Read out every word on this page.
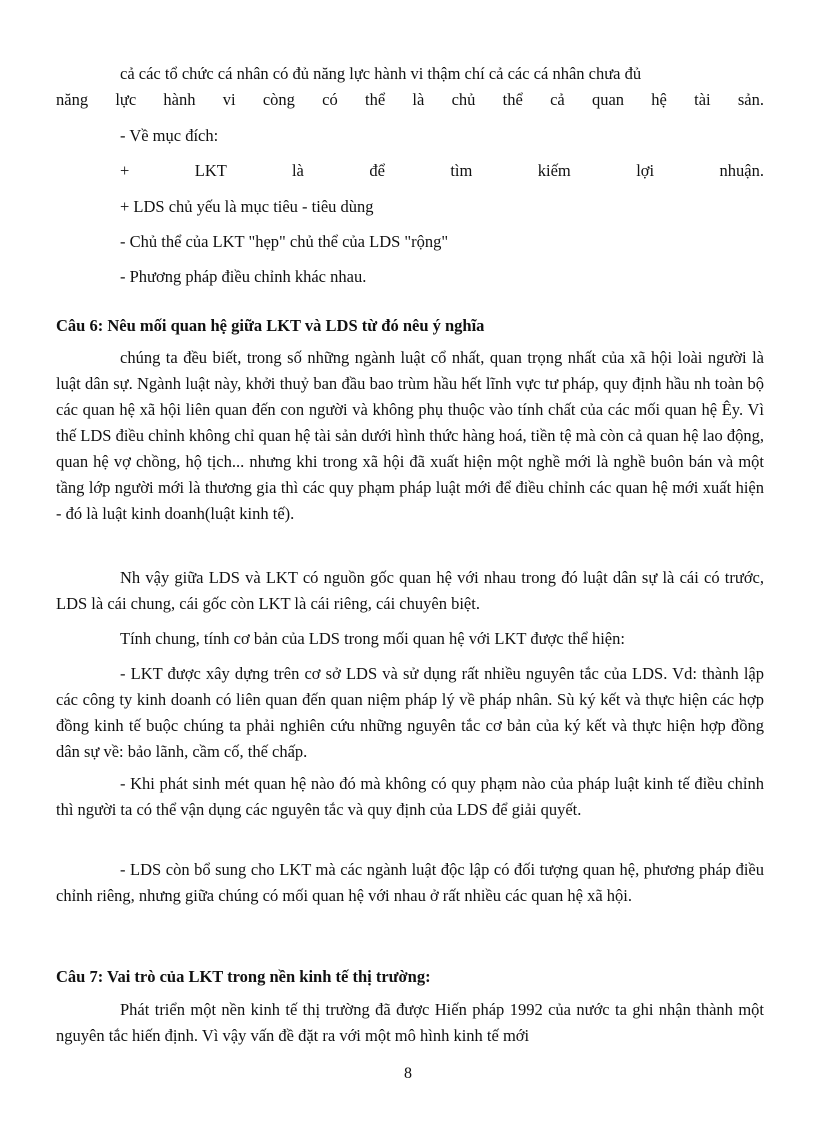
cả các tổ chức cá nhân có đủ năng lực hành vi thậm chí cả các cá nhân chưa đủ

năng lực hành vi còng có thể là chủ thể cả quan hệ tài sản.

- Về mục đích:

+ LKT là để tìm kiếm lợi nhuận.

+ LDS chủ yếu là mục tiêu - tiêu dùng

- Chủ thể của LKT "hẹp" chủ thể của LDS "rộng"

- Phương pháp điều chỉnh khác nhau.

Câu 6: Nêu mối quan hệ giữa LKT và LDS từ đó nêu ý nghĩa

chúng ta đều biết, trong số những ngành luật cổ nhất, quan trọng nhất của xã hội loài người là luật dân sự. Ngành luật này, khởi thuỷ ban đầu bao trùm hầu hết lĩnh vực tư pháp, quy định hầu nh toàn bộ các quan hệ xã hội liên quan đến con người và không phụ thuộc vào tính chất của các mối quan hệ Êy. Vì thế LDS điều chỉnh không chỉ quan hệ tài sản dưới hình thức hàng hoá, tiền tệ mà còn cả quan hệ lao động, quan hệ vợ chồng, hộ tịch... nhưng khi trong xã hội đã xuất hiện một nghề mới là nghề buôn bán và một tầng lớp người mới là thương gia thì các quy phạm pháp luật mới để điều chỉnh các quan hệ mới xuất hiện - đó là luật kinh doanh(luật kinh tế).

Nh vậy giữa LDS và LKT có nguồn gốc quan hệ với nhau trong đó luật dân sự là cái có trước, LDS là cái chung, cái gốc còn LKT là cái riêng, cái chuyên biệt.

Tính chung, tính cơ bản của LDS trong mối quan hệ với LKT được thể hiện:

- LKT được xây dựng trên cơ sở LDS và sử dụng rất nhiều nguyên tắc của LDS. Vd: thành lập các công ty kinh doanh có liên quan đến quan niệm pháp lý về pháp nhân. Sù ký kết và thực hiện các hợp đồng kinh tế buộc chúng ta phải nghiên cứu những nguyên tắc cơ bản của ký kết và thực hiện hợp đồng dân sự về: bảo lãnh, cầm cố, thế chấp.

- Khi phát sinh mét quan hệ nào đó mà không có quy phạm nào của pháp luật kinh tế điều chỉnh thì người ta có thể vận dụng các nguyên tắc và quy định của LDS để giải quyết.

- LDS còn bổ sung cho LKT mà các ngành luật độc lập có đối tượng quan hệ, phương pháp điều chỉnh riêng, nhưng giữa chúng có mối quan hệ với nhau ở rất nhiều các quan hệ xã hội.

Câu 7: Vai trò của LKT trong nền kinh tế thị trường:

Phát triển một nền kinh tế thị trường đã được Hiến pháp 1992 của nước ta ghi nhận thành một nguyên tắc hiến định. Vì vậy vấn đề đặt ra với một mô hình kinh tế mới

8
